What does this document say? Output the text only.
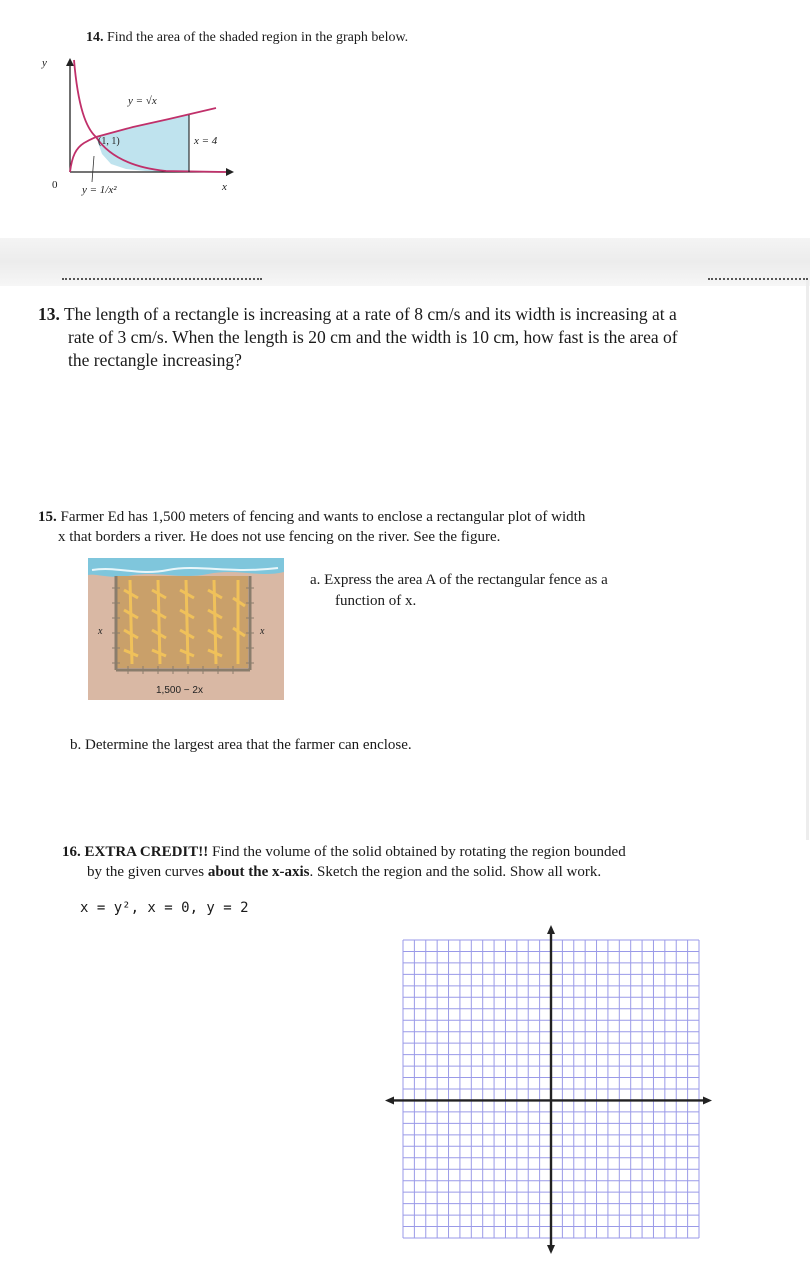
14. Find the area of the shaded region in the graph below.
y
x
0
y = √x
(1, 1)	x = 4
y = 1/x²
13. The length of a rectangle is increasing at a rate of 8 cm/s and its width is increasing at a
rate of 3 cm/s. When the length is 20 cm and the width is 10 cm, how fast is the area of
the rectangle increasing?
15. Farmer Ed has 1,500 meters of fencing and wants to enclose a rectangular plot of width
x that borders a river. He does not use fencing on the river. See the figure.
x	x
1,500 − 2x
a. Express the area A of the rectangular fence as a
function of x.
b. Determine the largest area that the farmer can enclose.
16. EXTRA CREDIT!! Find the volume of the solid obtained by rotating the region bounded
by the given curves about the x-axis. Sketch the region and the solid. Show all work.
x = y², x = 0, y = 2
